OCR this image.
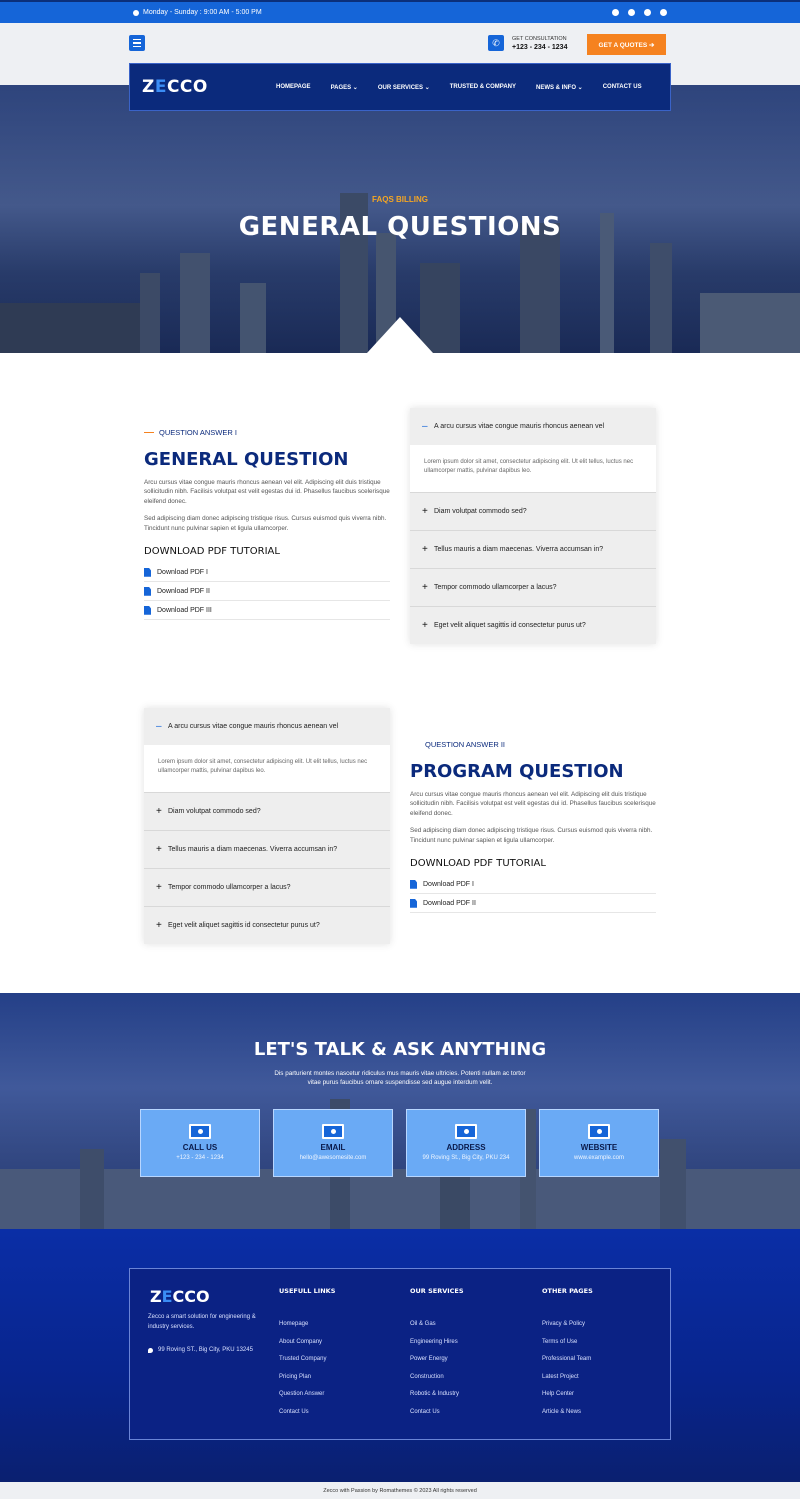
Monday - Sunday : 9:00 AM - 5:00 PM
✆	GET CONSULTATION
+123 - 234 - 1234	GET A QUOTES ➔
ZECCO	HOMEPAGE	PAGES ⌄	OUR SERVICES ⌄	TRUSTED & COMPANY	NEWS & INFO ⌄	CONTACT US
FAQS BILLING
GENERAL QUESTIONS
QUESTION ANSWER I
GENERAL QUESTION
Arcu cursus vitae congue mauris rhoncus aenean vel elit. Adipiscing elit duis tristique sollicitudin nibh. Facilisis volutpat est velit egestas dui id. Phasellus faucibus scelerisque eleifend donec.
Sed adipiscing diam donec adipiscing tristique risus. Cursus euismod quis viverra nibh. Tincidunt nunc pulvinar sapien et ligula ullamcorper.
DOWNLOAD PDF TUTORIAL
Download PDF I
Download PDF II
Download PDF III
– A arcu cursus vitae congue mauris rhoncus aenean vel
Lorem ipsum dolor sit amet, consectetur adipiscing elit. Ut elit tellus, luctus nec ullamcorper mattis, pulvinar dapibus leo.
+ Diam volutpat commodo sed?
+ Tellus mauris a diam maecenas. Viverra accumsan in?
+ Tempor commodo ullamcorper a lacus?
+ Eget velit aliquet sagittis id consectetur purus ut?
– A arcu cursus vitae congue mauris rhoncus aenean vel
Lorem ipsum dolor sit amet, consectetur adipiscing elit. Ut elit tellus, luctus nec ullamcorper mattis, pulvinar dapibus leo.
+ Diam volutpat commodo sed?
+ Tellus mauris a diam maecenas. Viverra accumsan in?
+ Tempor commodo ullamcorper a lacus?
+ Eget velit aliquet sagittis id consectetur purus ut?
QUESTION ANSWER II
PROGRAM QUESTION
Arcu cursus vitae congue mauris rhoncus aenean vel elit. Adipiscing elit duis tristique sollicitudin nibh. Facilisis volutpat est velit egestas dui id. Phasellus faucibus scelerisque eleifend donec.
Sed adipiscing diam donec adipiscing tristique risus. Cursus euismod quis viverra nibh. Tincidunt nunc pulvinar sapien et ligula ullamcorper.
DOWNLOAD PDF TUTORIAL
Download PDF I
Download PDF II
LET'S TALK & ASK ANYTHING
Dis parturient montes nascetur ridiculus mus mauris vitae ultricies. Potenti nullam ac tortor vitae purus faucibus ornare suspendisse sed augue interdum velit.
CALL US
+123 - 234 - 1234
EMAIL
hello@awesomesite.com
ADDRESS
99 Roving St., Big City, PKU 234
WEBSITE
www.example.com
ZECCO
Zecco a smart solution for engineering & industry services.
99 Roving ST., Big City, PKU 13245
USEFULL LINKS
Homepage
About Company
Trusted Company
Pricing Plan
Question Answer
Contact Us
OUR SERVICES
Oil & Gas
Engineering Hires
Power Energy
Construction
Robotic & Industry
Contact Us
OTHER PAGES
Privacy & Policy
Terms of Use
Professional Team
Latest Project
Help Center
Article & News
Zecco with Passion by Romathemes © 2023 All rights reserved
